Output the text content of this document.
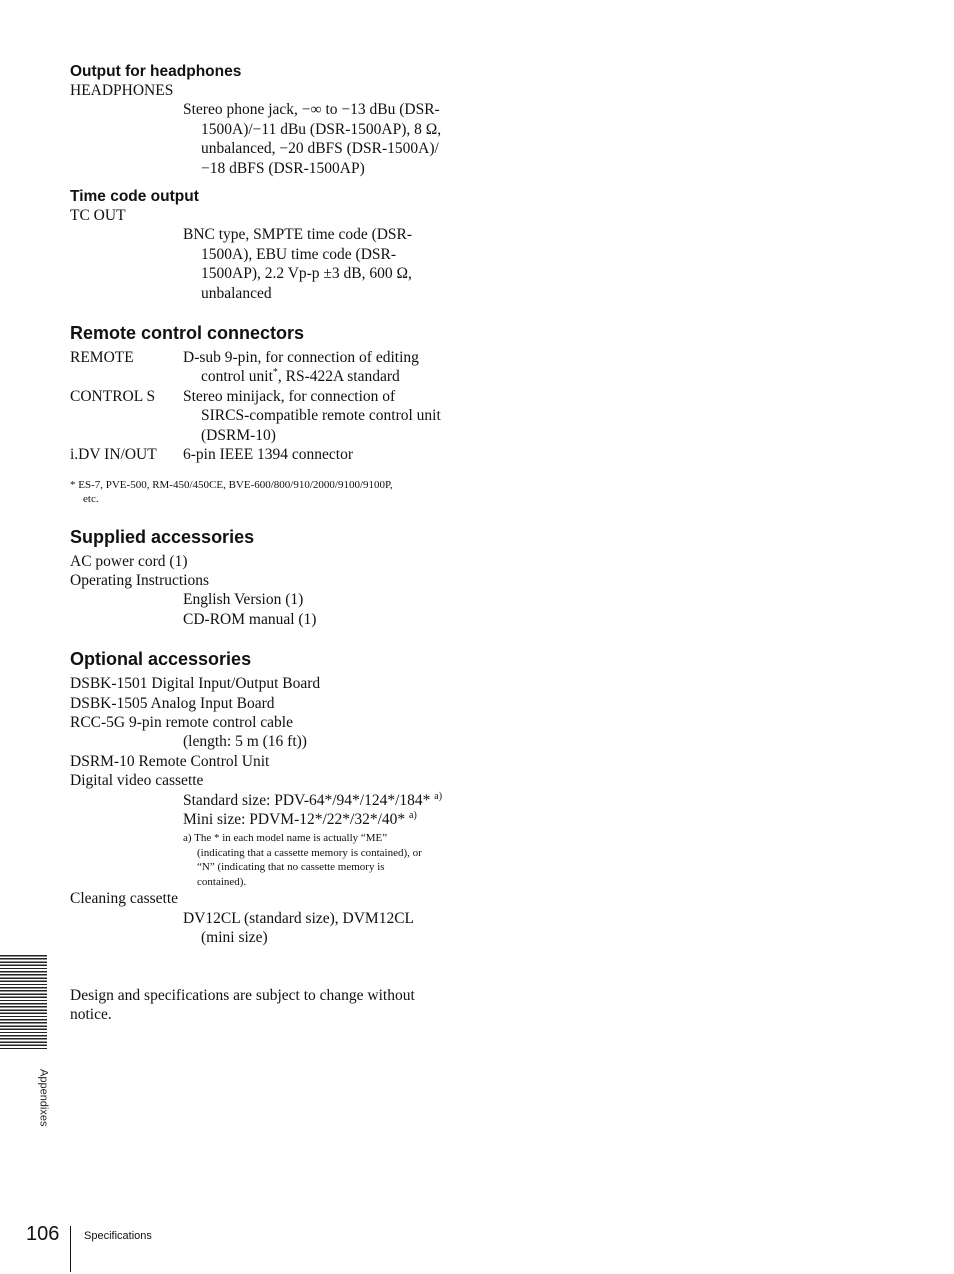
Output for headphones

HEADPHONES

Stereo phone jack, −∞ to −13 dBu (DSR-

1500A)/−11 dBu (DSR-1500AP), 8 Ω,

unbalanced, −20 dBFS (DSR-1500A)/

−18 dBFS (DSR-1500AP)

Time code output

TC OUT

BNC type, SMPTE time code (DSR-

1500A), EBU time code (DSR-

1500AP), 2.2 Vp-p ±3 dB, 600 Ω,

unbalanced

Remote control connectors

REMOTE	D-sub 9-pin, for connection of editing
control unit*, RS-422A standard
CONTROL S	Stereo minijack, for connection of
SIRCS-compatible remote control unit
(DSRM-10)
i.DV IN/OUT	6-pin IEEE 1394 connector

* ES-7, PVE-500, RM-450/450CE, BVE-600/800/910/2000/9100/9100P,

etc.

Supplied accessories

AC power cord (1)

Operating Instructions

English Version (1)

CD-ROM manual (1)

Optional accessories

DSBK-1501 Digital Input/Output Board

DSBK-1505 Analog Input Board

RCC-5G 9-pin remote control cable

(length: 5 m (16 ft))

DSRM-10 Remote Control Unit

Digital video cassette

Standard size: PDV-64*/94*/124*/184* $^{a)}$

Mini size: PDVM-12*/22*/32*/40* $^{a)}$

a) The * in each model name is actually “ME”

(indicating that a cassette memory is contained), or

“N” (indicating that no cassette memory is

contained).

Cleaning cassette

DV12CL (standard size), DVM12CL

(mini size)

Design and specifications are subject to change without

notice.

Appendixes
106 Specifications
